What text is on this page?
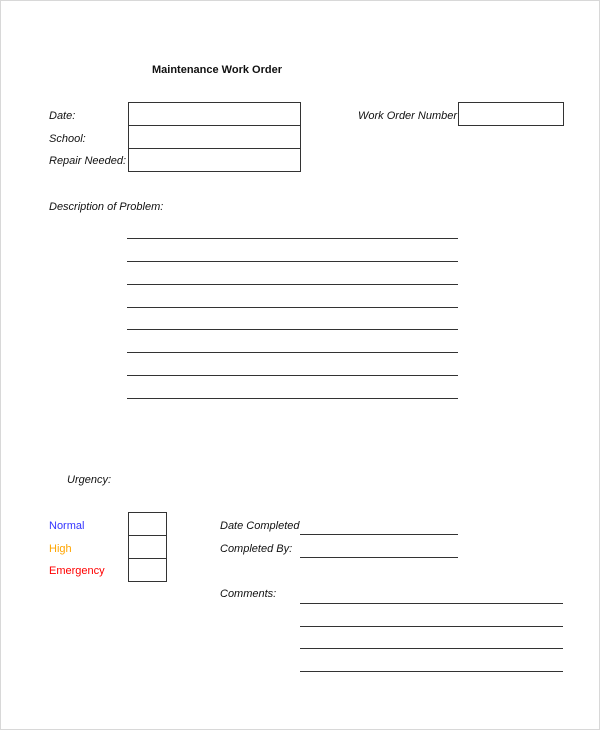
Maintenance Work Order
Date:
School:
Repair Needed:
Work Order Number
Description of Problem:
Urgency:
Normal
High
Emergency
Date Completed
Completed By:
Comments:
